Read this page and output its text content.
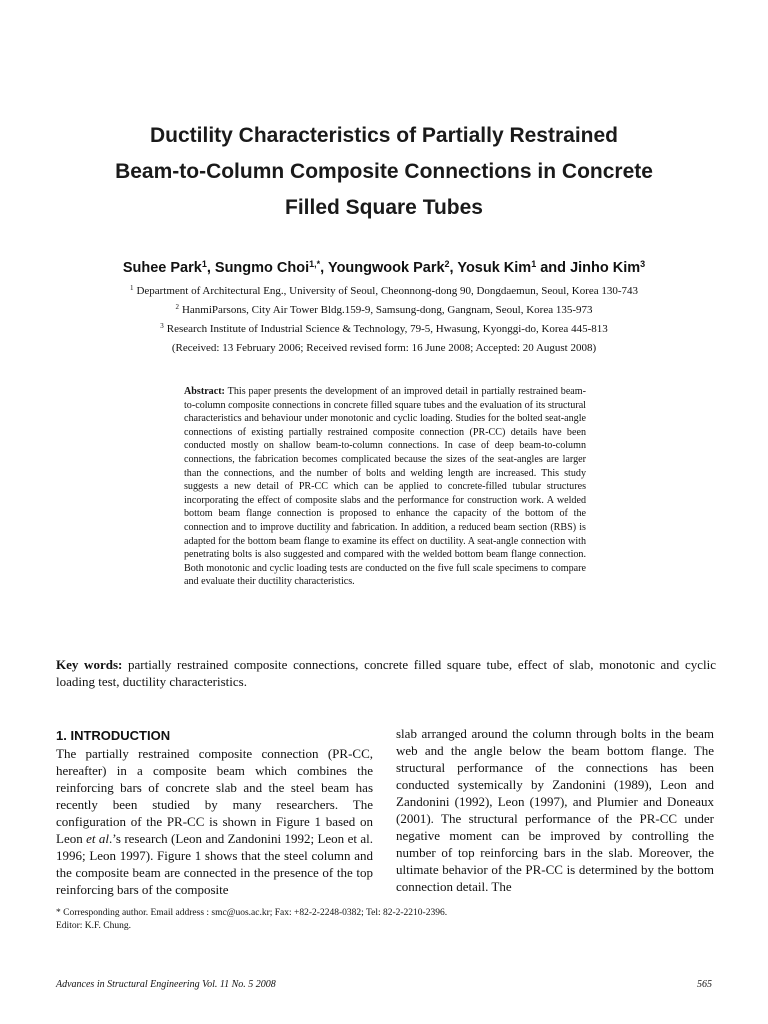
Ductility Characteristics of Partially Restrained
Beam-to-Column Composite Connections in Concrete
Filled Square Tubes
Suhee Park$^1$, Sungmo Choi$^{1,*}$, Youngwook Park$^2$, Yosuk Kim$^1$ and Jinho Kim$^3$
$^1$ Department of Architectural Eng., University of Seoul, Cheonnong-dong 90, Dongdaemun, Seoul, Korea 130-743
$^2$ HanmiParsons, City Air Tower Bldg.159-9, Samsung-dong, Gangnam, Seoul, Korea 135-973
$^3$ Research Institute of Industrial Science & Technology, 79-5, Hwasung, Kyonggi-do, Korea 445-813
(Received: 13 February 2006; Received revised form: 16 June 2008; Accepted: 20 August 2008)
Abstract: This paper presents the development of an improved detail in partially restrained beam-to-column composite connections in concrete filled square tubes and the evaluation of its structural characteristics and behaviour under monotonic and cyclic loading. Studies for the bolted seat-angle connections of existing partially restrained composite connection (PR-CC) details have been conducted mostly on shallow beam-to-column connections. In case of deep beam-to-column connections, the fabrication becomes complicated because the sizes of the seat-angles are larger than the connections, and the number of bolts and welding length are increased. This study suggests a new detail of PR-CC which can be applied to concrete-filled tubular structures incorporating the effect of composite slabs and the performance for construction work. A welded bottom beam flange connection is proposed to enhance the capacity of the bottom of the connection and to improve ductility and fabrication. In addition, a reduced beam section (RBS) is adapted for the bottom beam flange to examine its effect on ductility. A seat-angle connection with penetrating bolts is also suggested and compared with the welded bottom beam flange connection. Both monotonic and cyclic loading tests are conducted on the five full scale specimens to compare and evaluate their ductility characteristics.
Key words: partially restrained composite connections, concrete filled square tube, effect of slab, monotonic and cyclic loading test, ductility characteristics.
1. INTRODUCTION
The partially restrained composite connection (PR-CC, hereafter) in a composite beam which combines the reinforcing bars of concrete slab and the steel beam has recently been studied by many researchers. The configuration of the PR-CC is shown in Figure 1 based on Leon et al.’s research (Leon and Zandonini 1992; Leon et al. 1996; Leon 1997). Figure 1 shows that the steel column and the composite beam are connected in the presence of the top reinforcing bars of the composite
slab arranged around the column through bolts in the beam web and the angle below the beam bottom flange. The structural performance of the connections has been conducted systemically by Zandonini (1989), Leon and Zandonini (1992), Leon (1997), and Plumier and Doneaux (2001). The structural performance of the PR-CC under negative moment can be improved by controlling the number of top reinforcing bars in the slab. Moreover, the ultimate behavior of the PR-CC is determined by the bottom connection detail. The
* Corresponding author. Email address : smc@uos.ac.kr; Fax: +82-2-2248-0382; Tel: 82-2-2210-2396.
Editor: K.F. Chung.
Advances in Structural Engineering Vol. 11 No. 5 2008	565
